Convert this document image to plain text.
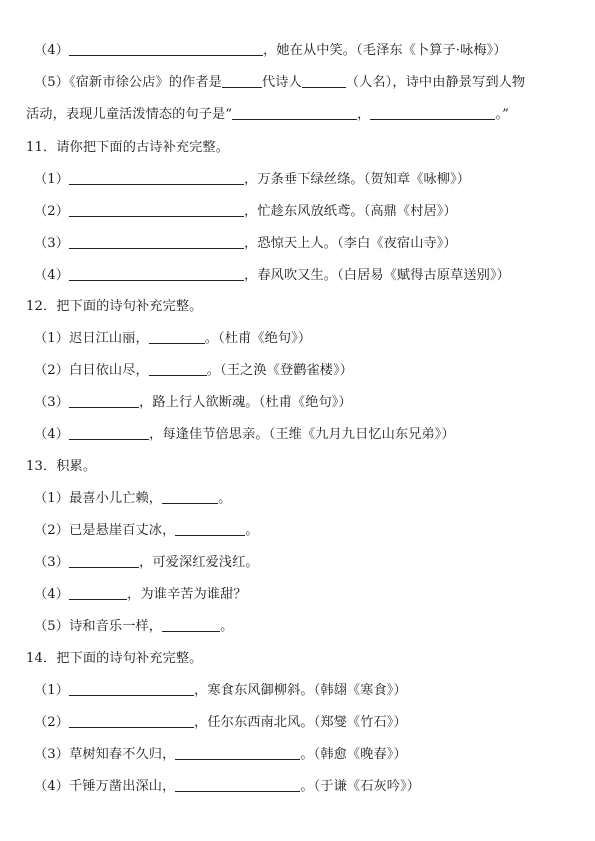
（4）	，她在从中笑。（毛泽东《卜算子·咏梅》）
（5）《宿新市徐公店》的作者是	代诗人	（人名），诗中由静景写到人物
活动，表现儿童活泼情态的句子是“	，	。”
11．请你把下面的古诗补充完整。
（1）	，万条垂下绿丝绦。（贺知章《咏柳》）
（2）	，忙趁东风放纸鸢。（高鼎《村居》）
（3）	，恐惊天上人。（李白《夜宿山寺》）
（4）	，春风吹又生。（白居易《赋得古原草送别》）
12．把下面的诗句补充完整。
（1）迟日江山丽，	。（杜甫《绝句》）
（2）白日依山尽，	。（王之涣《登鹳雀楼》）
（3）	，路上行人欲断魂。（杜甫《绝句》）
（4）	，每逢佳节倍思亲。（王维《九月九日忆山东兄弟》）
13．积累。
（1）最喜小儿亡赖，	。
（2）已是悬崖百丈冰，	。
（3）	，可爱深红爱浅红。
（4）	，为谁辛苦为谁甜？
（5）诗和音乐一样，	。
14．把下面的诗句补充完整。
（1）	，寒食东风御柳斜。（韩翃《寒食》）
（2）	，任尔东西南北风。（郑燮《竹石》）
（3）草树知春不久归，	。（韩愈《晚春》）
（4）千锤万凿出深山，	。（于谦《石灰吟》）
